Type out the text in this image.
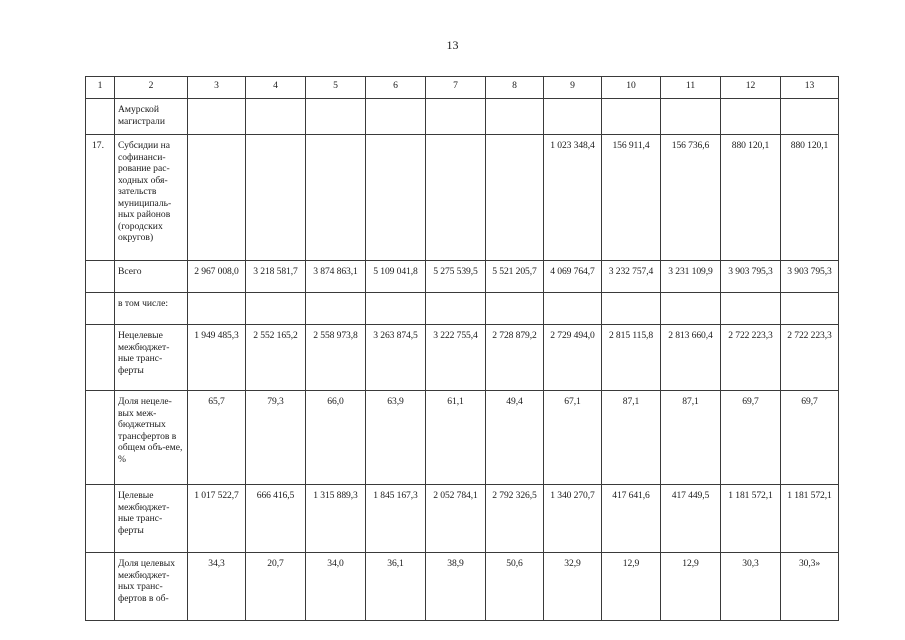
13
1	2	3	4	5	6	7	8	9	10	11	12	13
	Амурской магистрали											
17.	Субсидии на софинанси-рование рас-ходных обя-зательств муниципаль-ных районов (городских округов)							1 023 348,4	156 911,4	156 736,6	880 120,1	880 120,1
	Всего	2 967 008,0	3 218 581,7	3 874 863,1	5 109 041,8	5 275 539,5	5 521 205,7	4 069 764,7	3 232 757,4	3 231 109,9	3 903 795,3	3 903 795,3
	в том числе:											
	Нецелевые межбюджет-ные транс-ферты	1 949 485,3	2 552 165,2	2 558 973,8	3 263 874,5	3 222 755,4	2 728 879,2	2 729 494,0	2 815 115,8	2 813 660,4	2 722 223,3	2 722 223,3
	Доля нецеле-вых меж-бюджетных трансфертов в общем объ-еме, %	65,7	79,3	66,0	63,9	61,1	49,4	67,1	87,1	87,1	69,7	69,7
	Целевые межбюджет-ные транс-ферты	1 017 522,7	666 416,5	1 315 889,3	1 845 167,3	2 052 784,1	2 792 326,5	1 340 270,7	417 641,6	417 449,5	1 181 572,1	1 181 572,1
	Доля целевых межбюджет-ных транс-фертов в об-	34,3	20,7	34,0	36,1	38,9	50,6	32,9	12,9	12,9	30,3	30,3»
